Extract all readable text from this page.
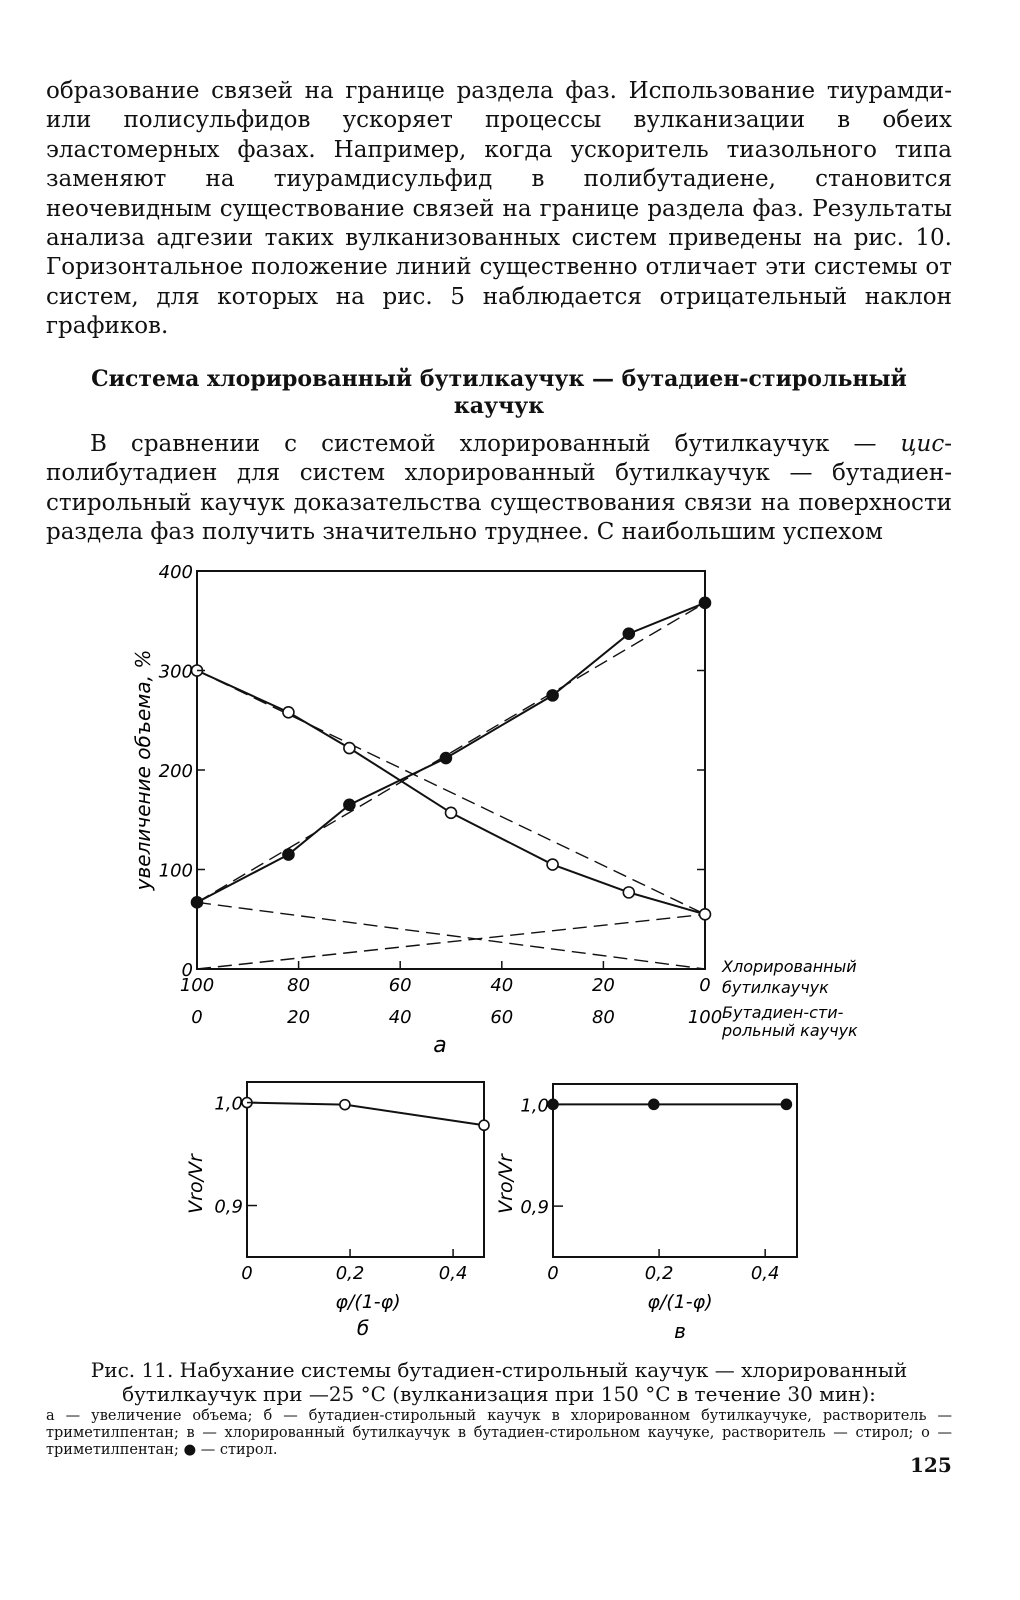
образование связей на границе раздела фаз. Использование тиурамди- или полисульфидов ускоряет процессы вулканизации в обеих эластомерных фазах. Например, когда ускоритель тиазольного типа заменяют на тиурамдисульфид в полибутадиене, становится неочевидным существование связей на границе раздела фаз. Результаты анализа адгезии таких вулканизованных систем приведены на рис. 10. Горизонтальное положение линий существенно отличает эти системы от систем, для которых на рис. 5 наблюдается отрицательный наклон графиков.

Система хлорированный бутилкаучук — бутадиен-стирольный каучук

В сравнении с системой хлорированный бутилкаучук — цис-полибутадиен для систем хлорированный бутилкаучук — бутадиен-стирольный каучук доказательства существования связи на поверхности раздела фаз получить значительно труднее. С наибольшим успехом

0
100
200
300
400
100	80	60	40	20	0
0	20	40	60	80	100
увеличение объема, %
Хлорированный
бутилкаучук
Бутадиен-сти-
рольный каучук
а
0,9
1,0
0	0,2	0,4
Vro/Vr
φ/(1-φ)
б
0,9
1,0
0	0,2	0,4
Vro/Vr
φ/(1-φ)
в

Рис. 11. Набухание системы бутадиен-стирольный каучук — хлорированный бутилкаучук при —25 °С (вулканизация при 150 °С в течение 30 мин):

а — увеличение объема; б — бутадиен-стирольный каучук в хлорированном бутилкаучуке, растворитель — триметилпентан; в — хлорированный бутилкаучук в бутадиен-стирольном каучуке, растворитель — стирол; о — триметилпентан; ● — стирол.

125
